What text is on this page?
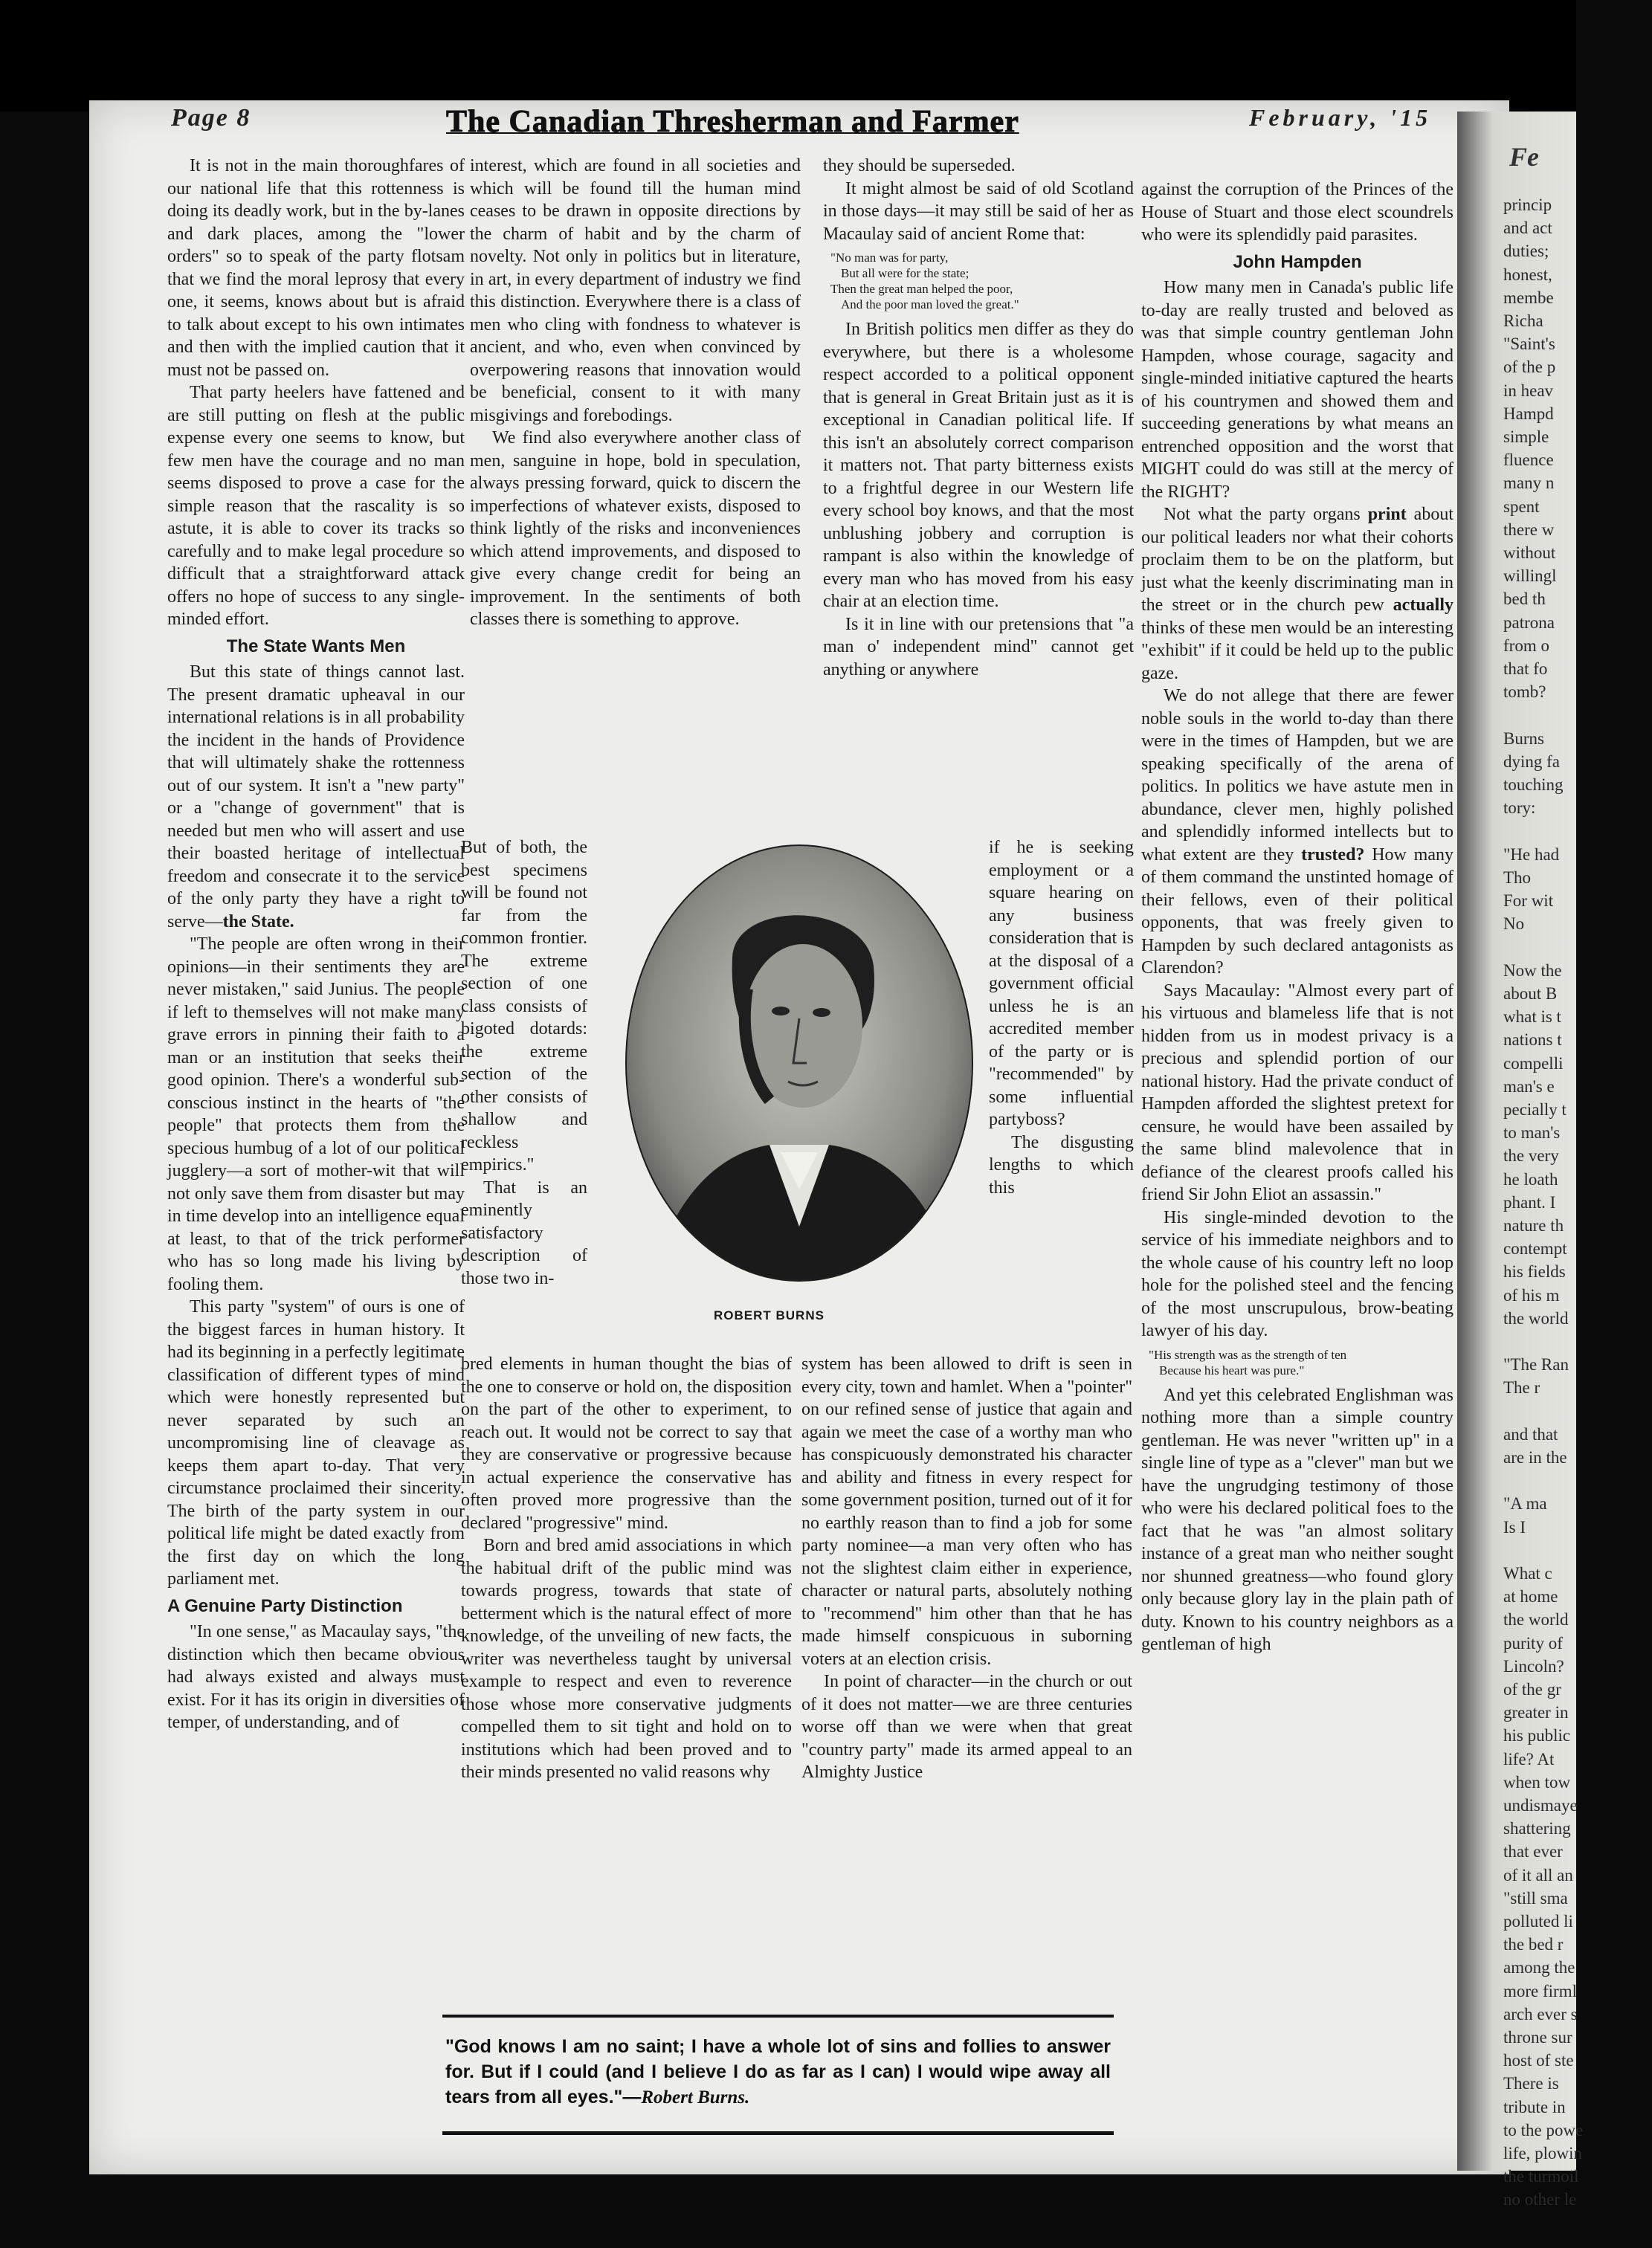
Fe
princip
and act
duties;
honest,
membe
Richa
"Saint's
of the p
in heav
Hampd
simple
fluence
many n
spent
there w
without
willingl
bed th
patrona
from o
that fo
tomb?

Burns
dying fa
touching
tory:

"He had
Tho
For wit
No

Now the
about B
what is t
nations t
compelli
man's e
pecially t
to man's
the very
he loath
phant. I
nature th
contempt
his fields
of his m
the world

"The Ran
The r

and that
are in the

"A ma
Is I

What c
at home
the world
purity of
Lincoln?
of the gr
greater in
his public
life? At
when tow
undismaye
shattering
that ever
of it all an
"still sma
polluted li
the bed r
among the
more firml
arch ever s
throne sur
host of ste
There is
tribute in
to the powe
life, plowin
the turmoil
no other le
Page 8	The Canadian Thresherman and Farmer	February, '15

It is not in the main thoroughfares of our national life that this rottenness is doing its deadly work, but in the by-lanes and dark places, among the "lower orders" so to speak of the party flotsam that we find the moral leprosy that every one, it seems, knows about but is afraid to talk about except to his own intimates and then with the implied caution that it must not be passed on.

That party heelers have fattened and are still putting on flesh at the public expense every one seems to know, but few men have the courage and no man seems disposed to prove a case for the simple reason that the rascality is so astute, it is able to cover its tracks so carefully and to make legal procedure so difficult that a straightforward attack offers no hope of success to any single-minded effort.

The State Wants Men

But this state of things cannot last. The present dramatic upheaval in our international relations is in all probability the incident in the hands of Providence that will ultimately shake the rottenness out of our system. It isn't a "new party" or a "change of government" that is needed but men who will assert and use their boasted heritage of intellectual freedom and consecrate it to the service of the only party they have a right to serve—the State.

"The people are often wrong in their opinions—in their sentiments they are never mistaken," said Junius. The people if left to themselves will not make many grave errors in pinning their faith to a man or an institution that seeks their good opinion. There's a wonderful sub-conscious instinct in the hearts of "the people" that protects them from the specious humbug of a lot of our political jugglery—a sort of mother-wit that will not only save them from disaster but may in time develop into an intelligence equal at least, to that of the trick performer who has so long made his living by fooling them.

This party "system" of ours is one of the biggest farces in human history. It had its beginning in a perfectly legitimate classification of different types of mind which were honestly represented but never separated by such an uncompromising line of cleavage as keeps them apart to-day. That very circumstance proclaimed their sincerity. The birth of the party system in our political life might be dated exactly from the first day on which the long parliament met.

A Genuine Party Distinction

"In one sense," as Macaulay says, "the distinction which then became obvious had always existed and always must exist. For it has its origin in diversities of temper, of understanding, and of

interest, which are found in all societies and which will be found till the human mind ceases to be drawn in opposite directions by the charm of habit and by the charm of novelty. Not only in politics but in literature, in art, in every department of industry we find this distinction. Everywhere there is a class of men who cling with fondness to whatever is ancient, and who, even when convinced by overpowering reasons that innovation would be beneficial, consent to it with many misgivings and forebodings.

We find also everywhere another class of men, sanguine in hope, bold in speculation, always pressing forward, quick to discern the imperfections of whatever exists, disposed to think lightly of the risks and inconveniences which attend improvements, and disposed to give every change credit for being an improvement. In the sentiments of both classes there is something to approve.

But of both, the best specimens will be found not far from the common frontier. The extreme section of one class consists of bigoted dotards: the extreme section of the other consists of shallow and reckless empirics."

That is an eminently satisfactory description of those two in-

bred elements in human thought the bias of the one to conserve or hold on, the disposition on the part of the other to experiment, to reach out. It would not be correct to say that they are conservative or progressive because in actual experience the conservative has often proved more progressive than the declared "progressive" mind.

Born and bred amid associations in which the habitual drift of the public mind was towards progress, towards that state of betterment which is the natural effect of more knowledge, of the unveiling of new facts, the writer was nevertheless taught by universal example to respect and even to reverence those whose more conservative judgments compelled them to sit tight and hold on to institutions which had been proved and to their minds presented no valid reasons why

they should be superseded.

It might almost be said of old Scotland in those days—it may still be said of her as Macaulay said of ancient Rome that:

"No man was for party,
But all were for the state;
Then the great man helped the poor,
And the poor man loved the great."

In British politics men differ as they do everywhere, but there is a wholesome respect accorded to a political opponent that is general in Great Britain just as it is exceptional in Canadian political life. If this isn't an absolutely correct comparison it matters not. That party bitterness exists to a frightful degree in our Western life every school boy knows, and that the most unblushing jobbery and corruption is rampant is also within the knowledge of every man who has moved from his easy chair at an election time.

Is it in line with our pretensions that "a man o' independent mind" cannot get anything or anywhere

if he is seeking employment or a square hearing on any business consideration that is at the disposal of a government official unless he is an accredited member of the party or is "recommended" by some influential partyboss?

The disgusting lengths to which this

system has been allowed to drift is seen in every city, town and hamlet. When a "pointer" on our refined sense of justice that again and again we meet the case of a worthy man who has conspicuously demonstrated his character and ability and fitness in every respect for some government position, turned out of it for no earthly reason than to find a job for some party nominee—a man very often who has not the slightest claim either in experience, character or natural parts, absolutely nothing to "recommend" him other than that he has made himself conspicuous in suborning voters at an election crisis.

In point of character—in the church or out of it does not matter—we are three centuries worse off than we were when that great "country party" made its armed appeal to an Almighty Justice

against the corruption of the Princes of the House of Stuart and those elect scoundrels who were its splendidly paid parasites.

John Hampden

How many men in Canada's public life to-day are really trusted and beloved as was that simple country gentleman John Hampden, whose courage, sagacity and single-minded initiative captured the hearts of his countrymen and showed them and succeeding generations by what means an entrenched opposition and the worst that MIGHT could do was still at the mercy of the RIGHT?

Not what the party organs print about our political leaders nor what their cohorts proclaim them to be on the platform, but just what the keenly discriminating man in the street or in the church pew actually thinks of these men would be an interesting "exhibit" if it could be held up to the public gaze.

We do not allege that there are fewer noble souls in the world to-day than there were in the times of Hampden, but we are speaking specifically of the arena of politics. In politics we have astute men in abundance, clever men, highly polished and splendidly informed intellects but to what extent are they trusted? How many of them command the unstinted homage of their fellows, even of their political opponents, that was freely given to Hampden by such declared antagonists as Clarendon?

Says Macaulay: "Almost every part of his virtuous and blameless life that is not hidden from us in modest privacy is a precious and splendid portion of our national history. Had the private conduct of Hampden afforded the slightest pretext for censure, he would have been assailed by the same blind malevolence that in defiance of the clearest proofs called his friend Sir John Eliot an assassin."

His single-minded devotion to the service of his immediate neighbors and to the whole cause of his country left no loop hole for the polished steel and the fencing of the most unscrupulous, brow-beating lawyer of his day.

"His strength was as the strength of ten
Because his heart was pure."

And yet this celebrated Englishman was nothing more than a simple country gentleman. He was never "written up" in a single line of type as a "clever" man but we have the ungrudging testimony of those who were his declared political foes to the fact that he was "an almost solitary instance of a great man who neither sought nor shunned greatness—who found glory only because glory lay in the plain path of duty. Known to his country neighbors as a gentleman of high

ROBERT BURNS
"God knows I am no saint; I have a whole lot of sins and follies to answer for. But if I could (and I believe I do as far as I can) I would wipe away all tears from all eyes."—Robert Burns.
